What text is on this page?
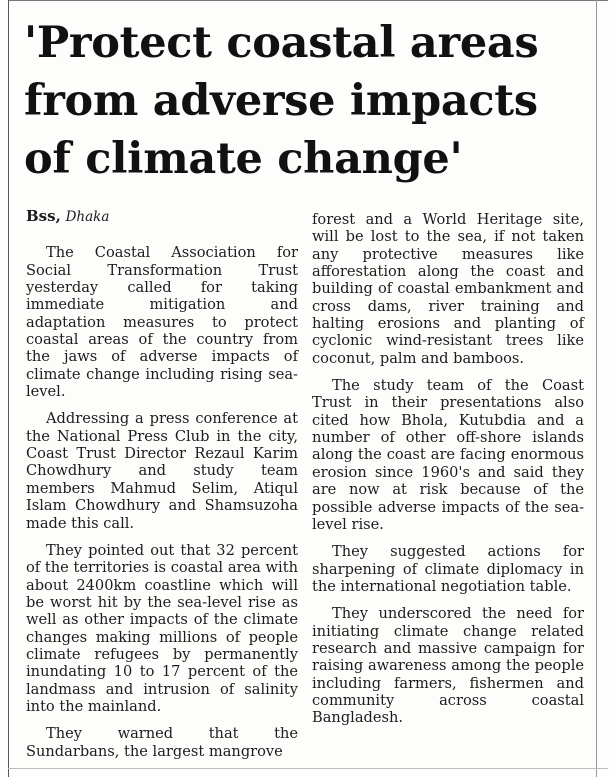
'Protect coastal areas from adverse impacts of climate change'
Bss, Dhaka

The Coastal Association for Social Transformation Trust yesterday called for taking immediate mitigation and adaptation measures to protect coastal areas of the country from the jaws of adverse impacts of climate change including rising sea-level.

Addressing a press conference at the National Press Club in the city, Coast Trust Director Rezaul Karim Chowdhury and study team members Mahmud Selim, Atiqul Islam Chowdhury and Shamsuzoha made this call.

They pointed out that 32 percent of the territories is coastal area with about 2400km coastline which will be worst hit by the sea-level rise as well as other impacts of the climate changes making millions of people climate refugees by permanently inundating 10 to 17 percent of the landmass and intrusion of salinity into the mainland.

They warned that the Sundarbans, the largest mangrove

forest and a World Heritage site, will be lost to the sea, if not taken any protective measures like afforestation along the coast and building of coastal embankment and cross dams, river training and halting erosions and planting of cyclonic wind-resistant trees like coconut, palm and bamboos.

The study team of the Coast Trust in their presentations also cited how Bhola, Kutubdia and a number of other off-shore islands along the coast are facing enormous erosion since 1960's and said they are now at risk because of the possible adverse impacts of the sea-level rise.

They suggested actions for sharpening of climate diplomacy in the international negotiation table.

They underscored the need for initiating climate change related research and massive campaign for raising awareness among the people including farmers, fishermen and community across coastal Bangladesh.
